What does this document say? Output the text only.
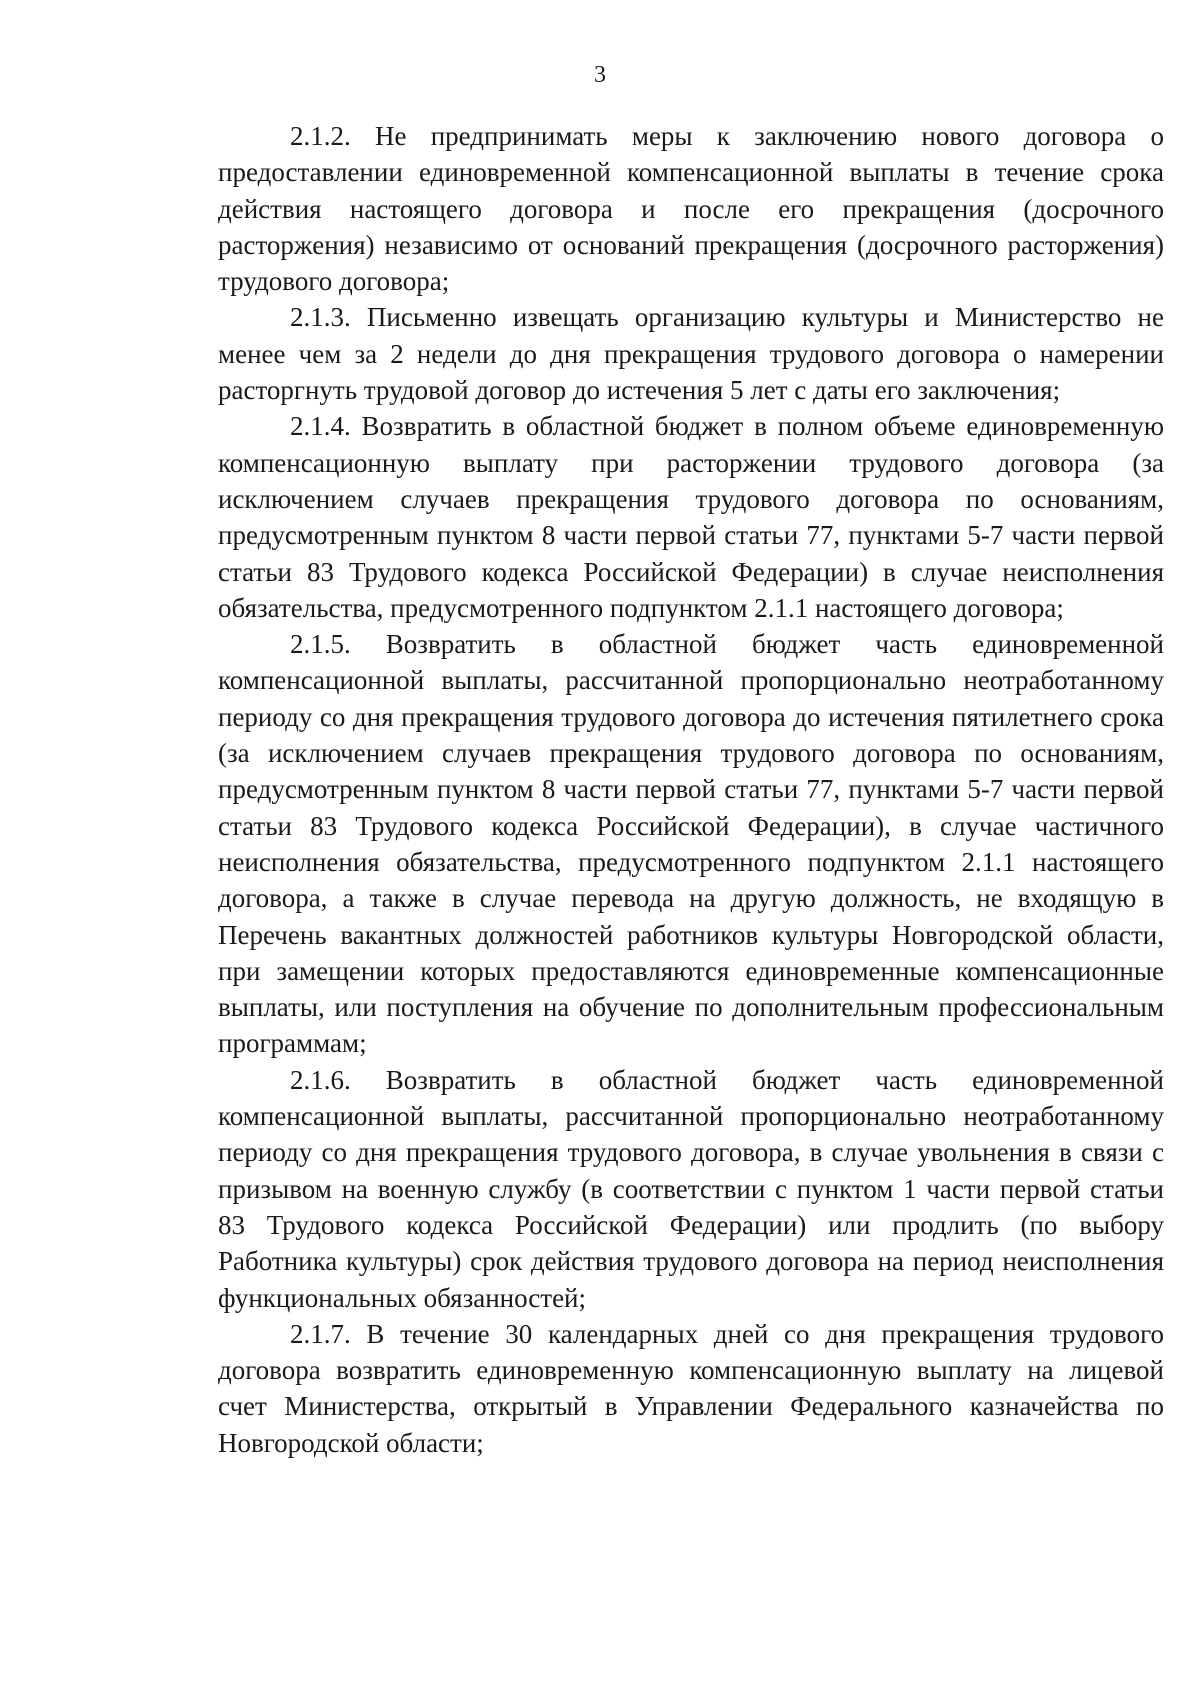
3

2.1.2. Не предпринимать меры к заключению нового договора о предоставлении единовременной компенсационной выплаты в течение срока действия настоящего договора и после его прекращения (досрочного расторжения) независимо от оснований прекращения (досрочного расторжения) трудового договора;

2.1.3. Письменно извещать организацию культуры и Министерство не менее чем за 2 недели до дня прекращения трудового договора о намерении расторгнуть трудовой договор до истечения 5 лет с даты его заключения;

2.1.4. Возвратить в областной бюджет в полном объеме единовременную компенсационную выплату при расторжении трудового договора (за исключением случаев прекращения трудового договора по основаниям, предусмотренным пунктом 8 части первой статьи 77, пунктами 5-7 части первой статьи 83 Трудового кодекса Российской Федерации) в случае неисполнения обязательства, предусмотренного подпунктом 2.1.1 настоящего договора;

2.1.5. Возвратить в областной бюджет часть единовременной компенсационной выплаты, рассчитанной пропорционально неотработанному периоду со дня прекращения трудового договора до истечения пятилетнего срока (за исключением случаев прекращения трудового договора по основаниям, предусмотренным пунктом 8 части первой статьи 77, пунктами 5-7 части первой статьи 83 Трудового кодекса Российской Федерации), в случае частичного неисполнения обязательства, предусмотренного подпунктом 2.1.1 настоящего договора, а также в случае перевода на другую должность, не входящую в Перечень вакантных должностей работников культуры Новгородской области, при замещении которых предоставляются единовременные компенсационные выплаты, или поступления на обучение по дополнительным профессиональным программам;

2.1.6. Возвратить в областной бюджет часть единовременной компенсационной выплаты, рассчитанной пропорционально неотработанному периоду со дня прекращения трудового договора, в случае увольнения в связи с призывом на военную службу (в соответствии с пунктом 1 части первой статьи 83 Трудового кодекса Российской Федерации) или продлить (по выбору Работника культуры) срок действия трудового договора на период неисполнения функциональных обязанностей;

2.1.7. В течение 30 календарных дней со дня прекращения трудового договора возвратить единовременную компенсационную выплату на лицевой счет Министерства, открытый в Управлении Федерального казначейства по Новгородской области;
